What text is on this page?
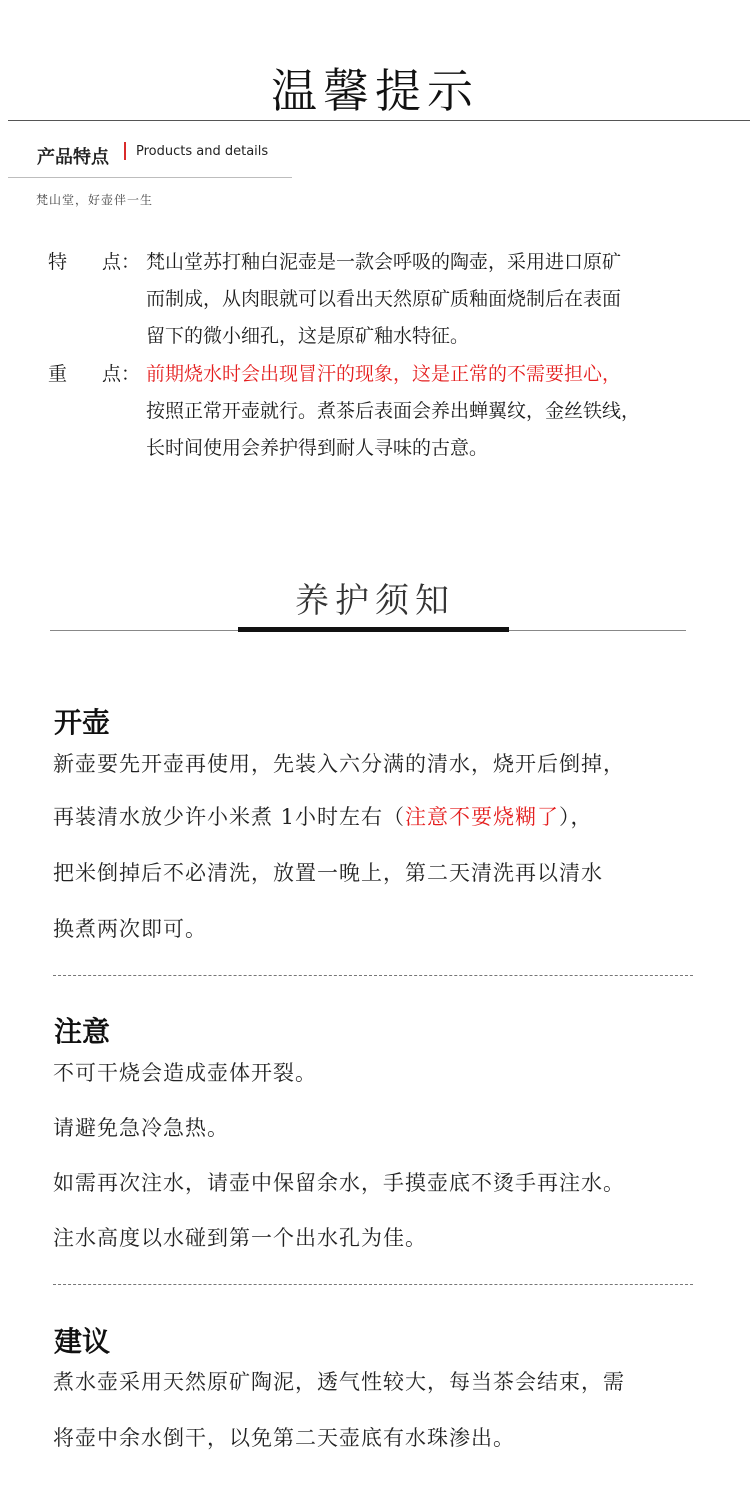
温馨提示
产品特点 Products and details
梵山堂，好壶伴一生
特 点： 梵山堂苏打釉白泥壶是一款会呼吸的陶壶，采用进口原矿
而制成，从肉眼就可以看出天然原矿质釉面烧制后在表面
留下的微小细孔，这是原矿釉水特征。
重 点： 前期烧水时会出现冒汗的现象，这是正常的不需要担心，
按照正常开壶就行。煮茶后表面会养出蝉翼纹，金丝铁线，
长时间使用会养护得到耐人寻味的古意。
养护须知
开壶
新壶要先开壶再使用，先装入六分满的清水，烧开后倒掉，
再装清水放少许小米煮 1小时左右（注意不要烧糊了），
把米倒掉后不必清洗，放置一晚上，第二天清洗再以清水
换煮两次即可。
注意
不可干烧会造成壶体开裂。
请避免急冷急热。
如需再次注水，请壶中保留余水，手摸壶底不烫手再注水。
注水高度以水碰到第一个出水孔为佳。
建议
煮水壶采用天然原矿陶泥，透气性较大，每当茶会结束，需
将壶中余水倒干，以免第二天壶底有水珠渗出。
